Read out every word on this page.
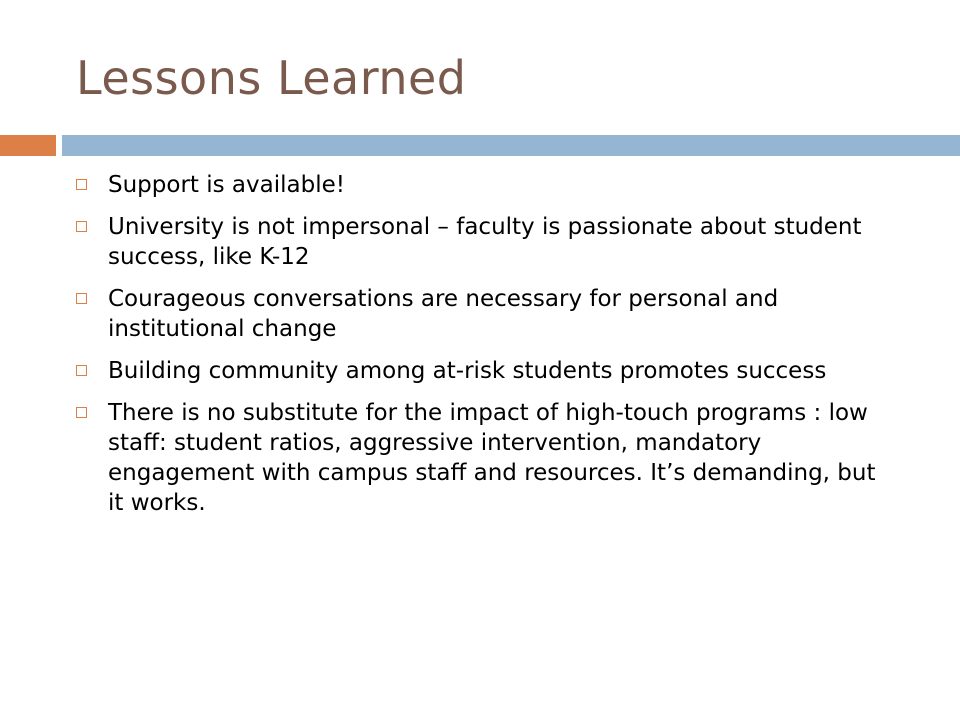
Lessons Learned
Support is available!
University is not impersonal – faculty is passionate about student success, like K-12
Courageous conversations are necessary for personal and institutional change
Building community among at-risk students promotes success
There is no substitute for the impact of high-touch programs : low staff: student ratios, aggressive intervention, mandatory engagement with campus staff and resources. It’s demanding, but it works.
